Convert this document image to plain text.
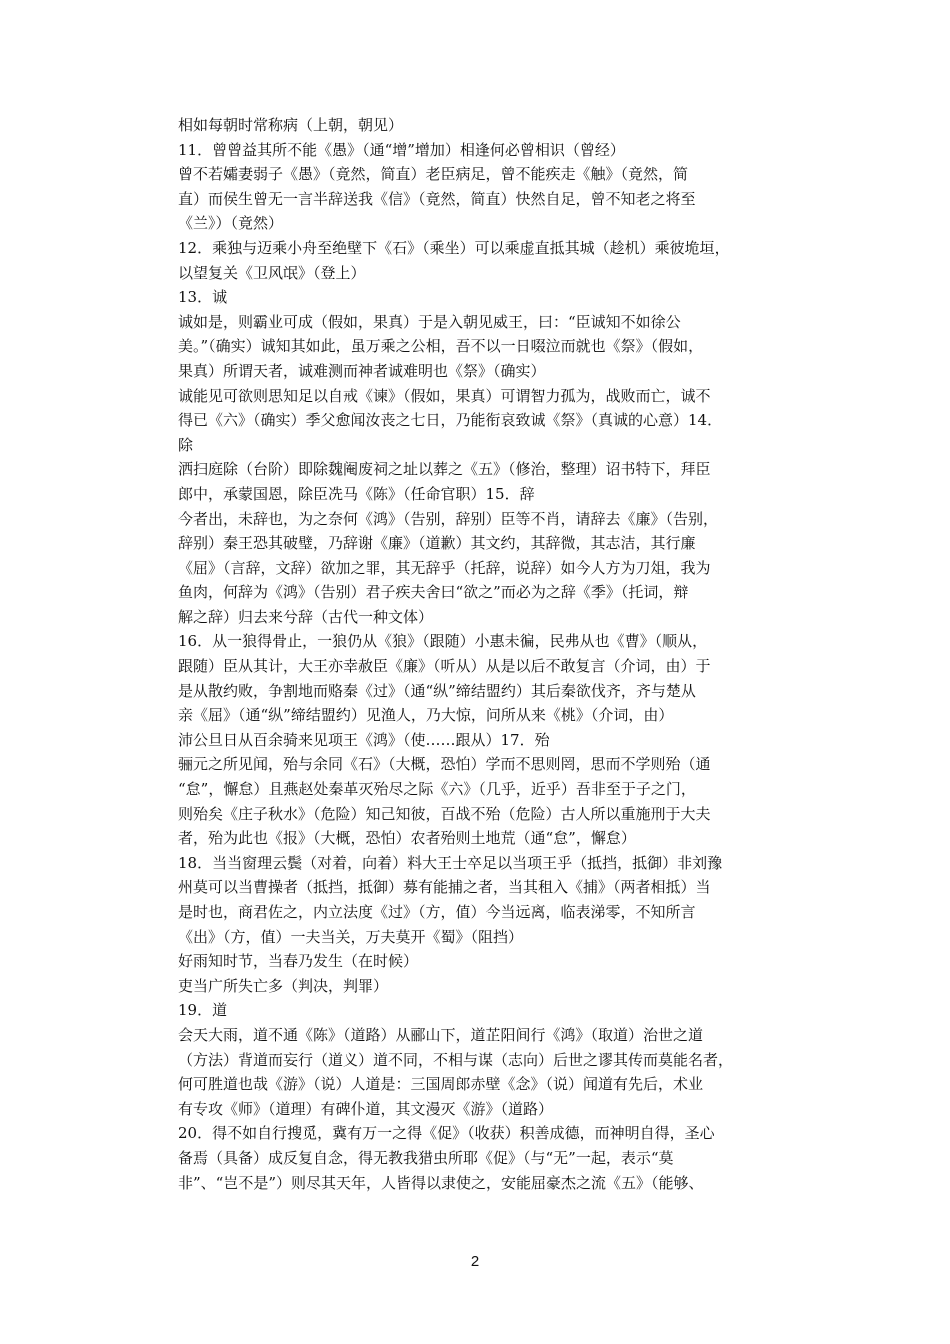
相如每朝时常称病（上朝，朝见）
11．曾曾益其所不能《愚》（通“增”增加）相逢何必曾相识（曾经）
曾不若孀妻弱子《愚》（竟然，简直）老臣病足，曾不能疾走《触》（竟然，简
直）而侯生曾无一言半辞送我《信》（竟然，简直）快然自足，曾不知老之将至
《兰》）（竟然）
12．乘独与迈乘小舟至绝壁下《石》（乘坐）可以乘虚直抵其城（趁机）乘彼垝垣，
以望复关《卫风氓》（登上）
13．诚
诚如是，则霸业可成（假如，果真）于是入朝见威王，曰：“臣诚知不如徐公
美。”（确实）诚知其如此，虽万乘之公相，吾不以一日啜泣而就也《祭》（假如，
果真）所谓天者，诚难测而神者诚难明也《祭》（确实）
诚能见可欲则思知足以自戒《谏》（假如，果真）可谓智力孤为，战败而亡，诚不
得已《六》（确实）季父愈闻汝丧之七日，乃能衔哀致诚《祭》（真诚的心意）14．
除
洒扫庭除（台阶）即除魏阉废祠之址以葬之《五》（修治，整理）诏书特下，拜臣
郎中，承蒙国恩，除臣冼马《陈》（任命官职）15．辞
今者出，未辞也，为之奈何《鸿》（告别，辞别）臣等不肖，请辞去《廉》（告别，
辞别）秦王恐其破璧，乃辞谢《廉》（道歉）其文约，其辞微，其志洁，其行廉
《屈》（言辞，文辞）欲加之罪，其无辞乎（托辞，说辞）如今人方为刀俎，我为
鱼肉，何辞为《鸿》（告别）君子疾夫舍曰“欲之”而必为之辞《季》（托词，辩
解之辞）归去来兮辞（古代一种文体）
16．从一狼得骨止，一狼仍从《狼》（跟随）小惠未徧，民弗从也《曹》（顺从，
跟随）臣从其计，大王亦幸赦臣《廉》（听从）从是以后不敢复言（介词，由）于
是从散约败，争割地而赂秦《过》（通“纵”缔结盟约）其后秦欲伐齐，齐与楚从
亲《屈》（通“纵”缔结盟约）见渔人，乃大惊，问所从来《桃》（介词，由）
沛公旦日从百余骑来见项王《鸿》（使……跟从）17．殆
骊元之所见闻，殆与余同《石》（大概，恐怕）学而不思则罔，思而不学则殆（通
“怠”，懈怠）且燕赵处秦革灭殆尽之际《六》（几乎，近乎）吾非至于子之门，
则殆矣《庄子秋水》（危险）知己知彼，百战不殆（危险）古人所以重施刑于大夫
者，殆为此也《报》（大概，恐怕）农者殆则土地荒（通“怠”，懈怠）
18．当当窗理云鬓（对着，向着）料大王士卒足以当项王乎（抵挡，抵御）非刘豫
州莫可以当曹操者（抵挡，抵御）募有能捕之者，当其租入《捕》（两者相抵）当
是时也，商君佐之，内立法度《过》（方，值）今当远离，临表涕零，不知所言
《出》（方，值）一夫当关，万夫莫开《蜀》（阻挡）
好雨知时节，当春乃发生（在时候）
吏当广所失亡多（判决，判罪）
19．道
会天大雨，道不通《陈》（道路）从郦山下，道芷阳间行《鸿》（取道）治世之道
（方法）背道而妄行（道义）道不同，不相与谋（志向）后世之谬其传而莫能名者，
何可胜道也哉《游》（说）人道是：三国周郎赤壁《念》（说）闻道有先后，术业
有专攻《师》（道理）有碑仆道，其文漫灭《游》（道路）
20．得不如自行搜觅，冀有万一之得《促》（收获）积善成德，而神明自得，圣心
备焉（具备）成反复自念，得无教我猎虫所耶《促》（与“无”一起，表示“莫
非”、“岂不是”）则尽其天年，人皆得以隶使之，安能屈豪杰之流《五》（能够、
2
